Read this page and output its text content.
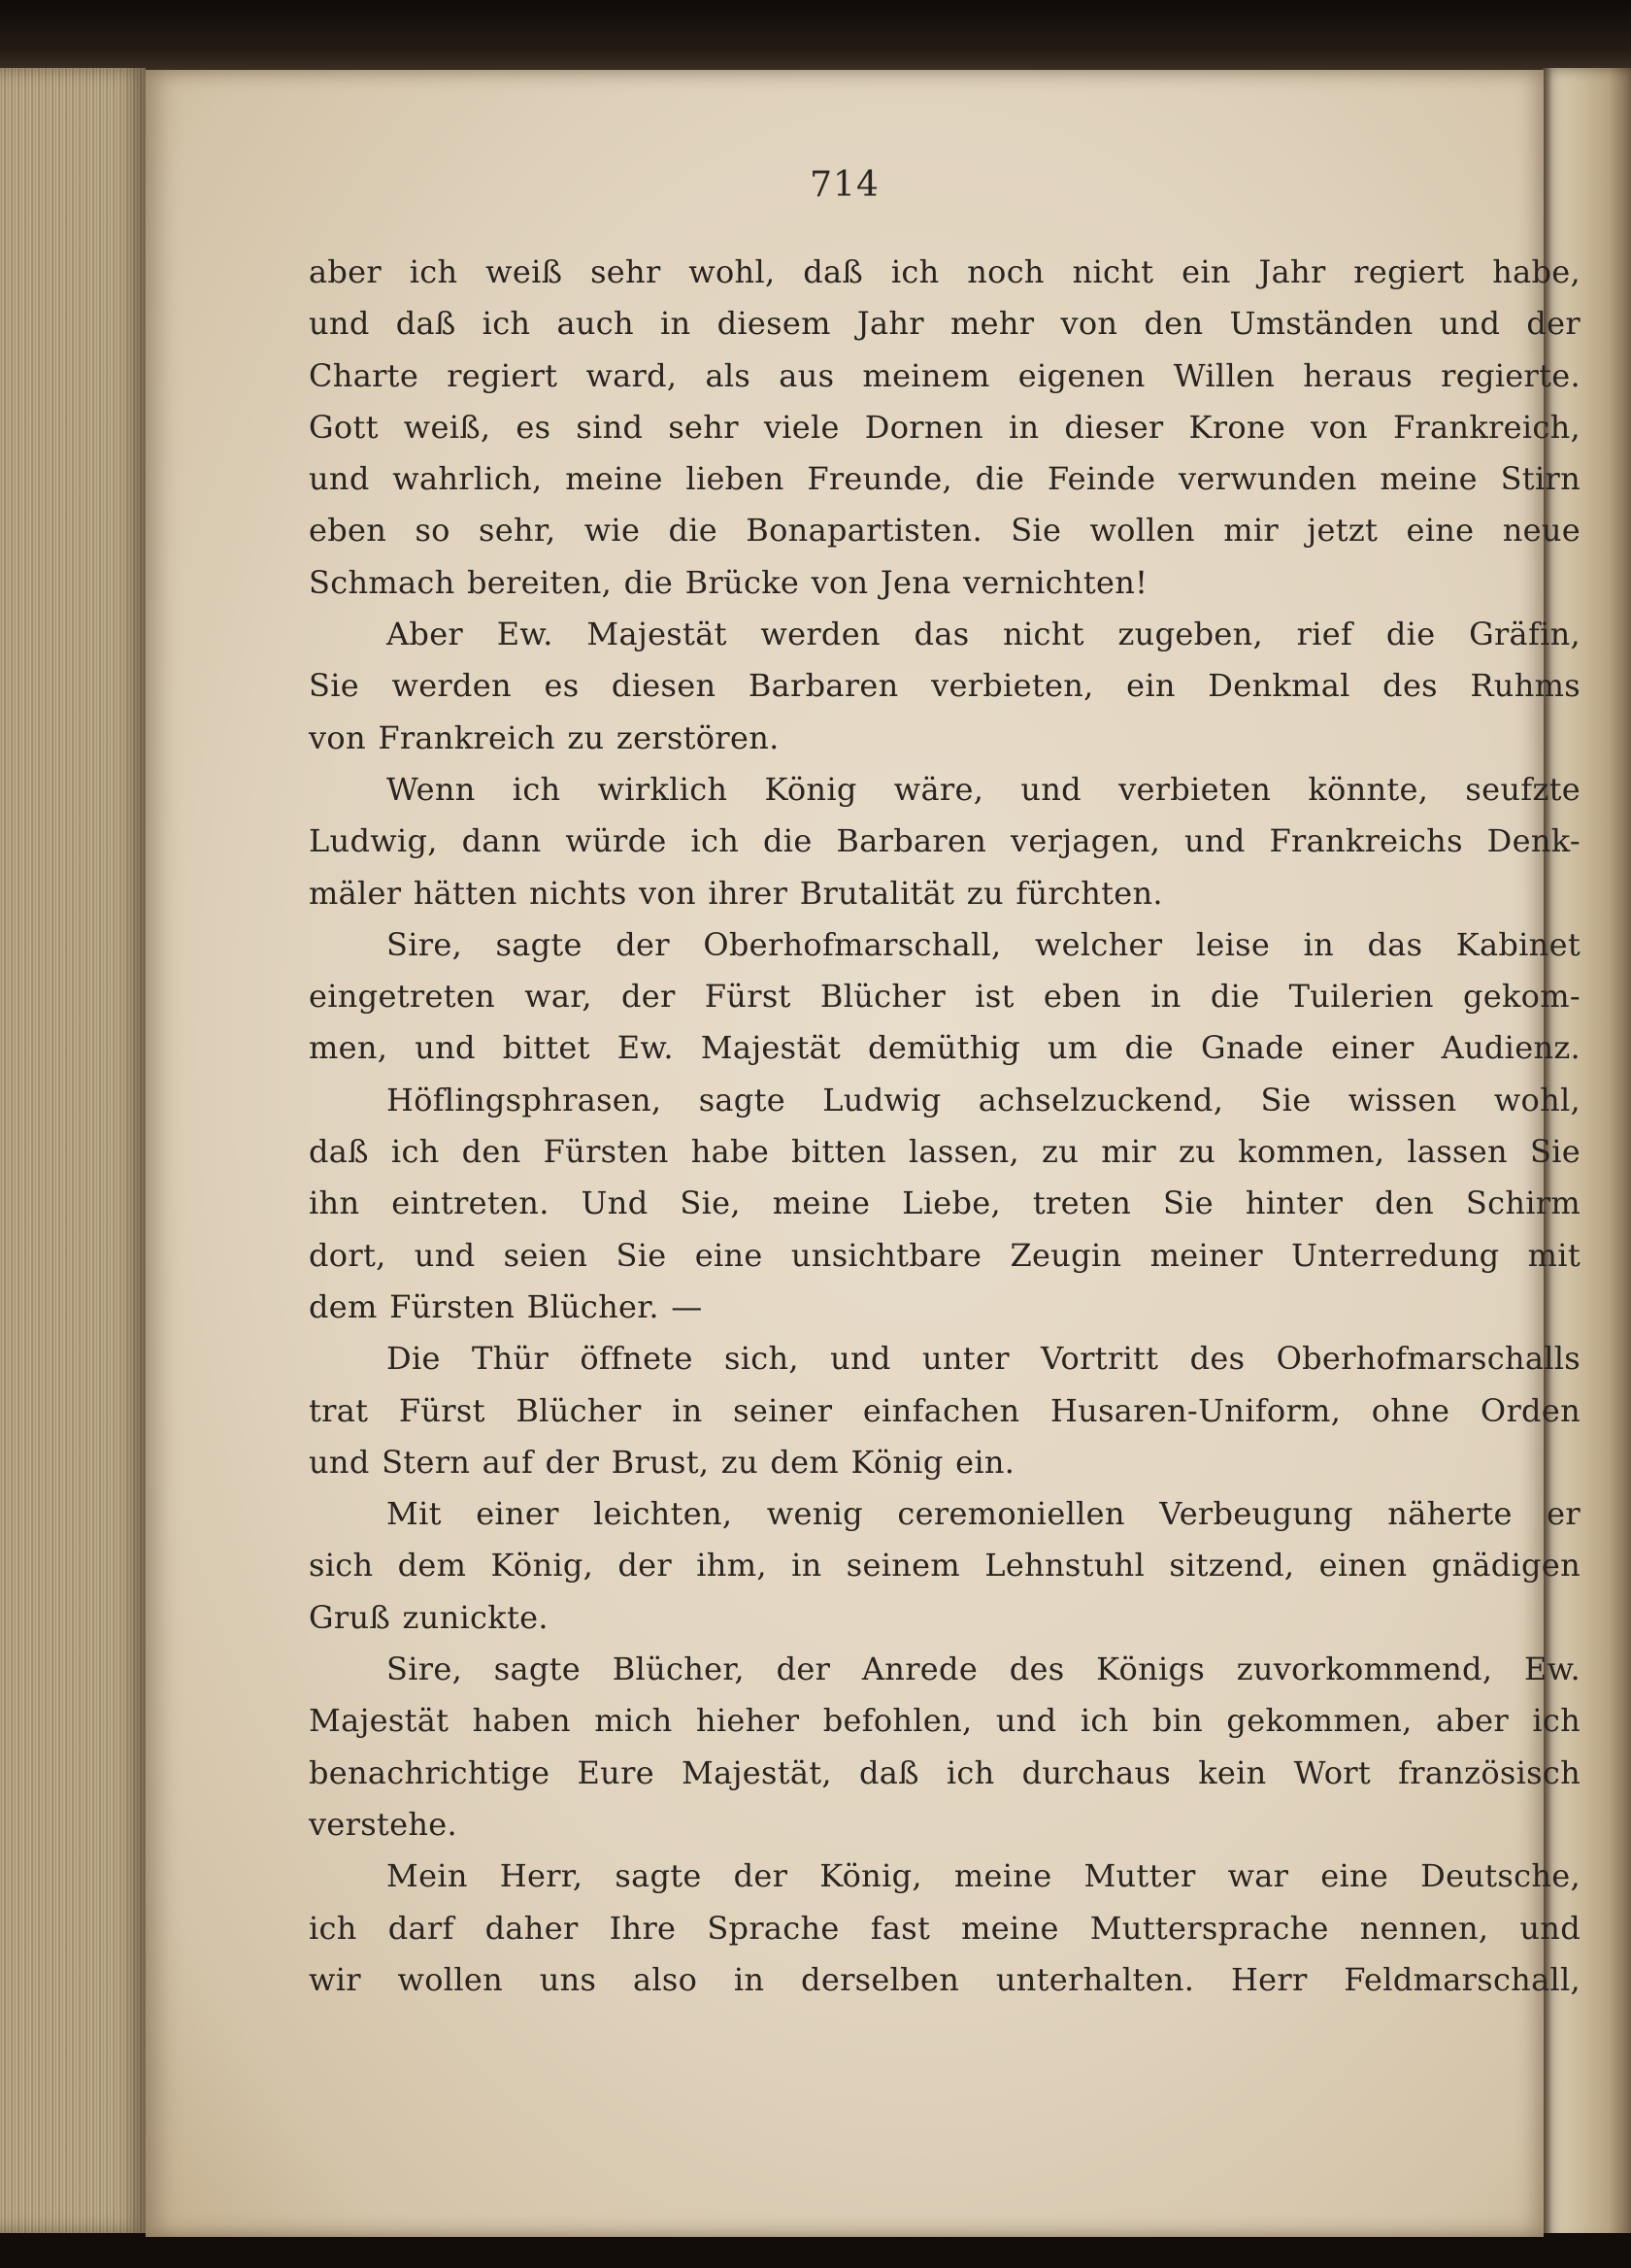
714
aber ich weiß sehr wohl, daß ich noch nicht ein Jahr regiert habe,
und daß ich auch in diesem Jahr mehr von den Umständen und der
Charte regiert ward, als aus meinem eigenen Willen heraus regierte.
Gott weiß, es sind sehr viele Dornen in dieser Krone von Frankreich,
und wahrlich, meine lieben Freunde, die Feinde verwunden meine Stirn
eben so sehr, wie die Bonapartisten. Sie wollen mir jetzt eine neue
Schmach bereiten, die Brücke von Jena vernichten!
Aber Ew. Majestät werden das nicht zugeben, rief die Gräfin,
Sie werden es diesen Barbaren verbieten, ein Denkmal des Ruhms
von Frankreich zu zerstören.
Wenn ich wirklich König wäre, und verbieten könnte, seufzte
Ludwig, dann würde ich die Barbaren verjagen, und Frankreichs Denk-
mäler hätten nichts von ihrer Brutalität zu fürchten.
Sire, sagte der Oberhofmarschall, welcher leise in das Kabinet
eingetreten war, der Fürst Blücher ist eben in die Tuilerien gekom-
men, und bittet Ew. Majestät demüthig um die Gnade einer Audienz.
Höflingsphrasen, sagte Ludwig achselzuckend, Sie wissen wohl,
daß ich den Fürsten habe bitten lassen, zu mir zu kommen, lassen Sie
ihn eintreten. Und Sie, meine Liebe, treten Sie hinter den Schirm
dort, und seien Sie eine unsichtbare Zeugin meiner Unterredung mit
dem Fürsten Blücher. —
Die Thür öffnete sich, und unter Vortritt des Oberhofmarschalls
trat Fürst Blücher in seiner einfachen Husaren-Uniform, ohne Orden
und Stern auf der Brust, zu dem König ein.
Mit einer leichten, wenig ceremoniellen Verbeugung näherte er
sich dem König, der ihm, in seinem Lehnstuhl sitzend, einen gnädigen
Gruß zunickte.
Sire, sagte Blücher, der Anrede des Königs zuvorkommend, Ew.
Majestät haben mich hieher befohlen, und ich bin gekommen, aber ich
benachrichtige Eure Majestät, daß ich durchaus kein Wort französisch
verstehe.
Mein Herr, sagte der König, meine Mutter war eine Deutsche,
ich darf daher Ihre Sprache fast meine Muttersprache nennen, und
wir wollen uns also in derselben unterhalten. Herr Feldmarschall,
